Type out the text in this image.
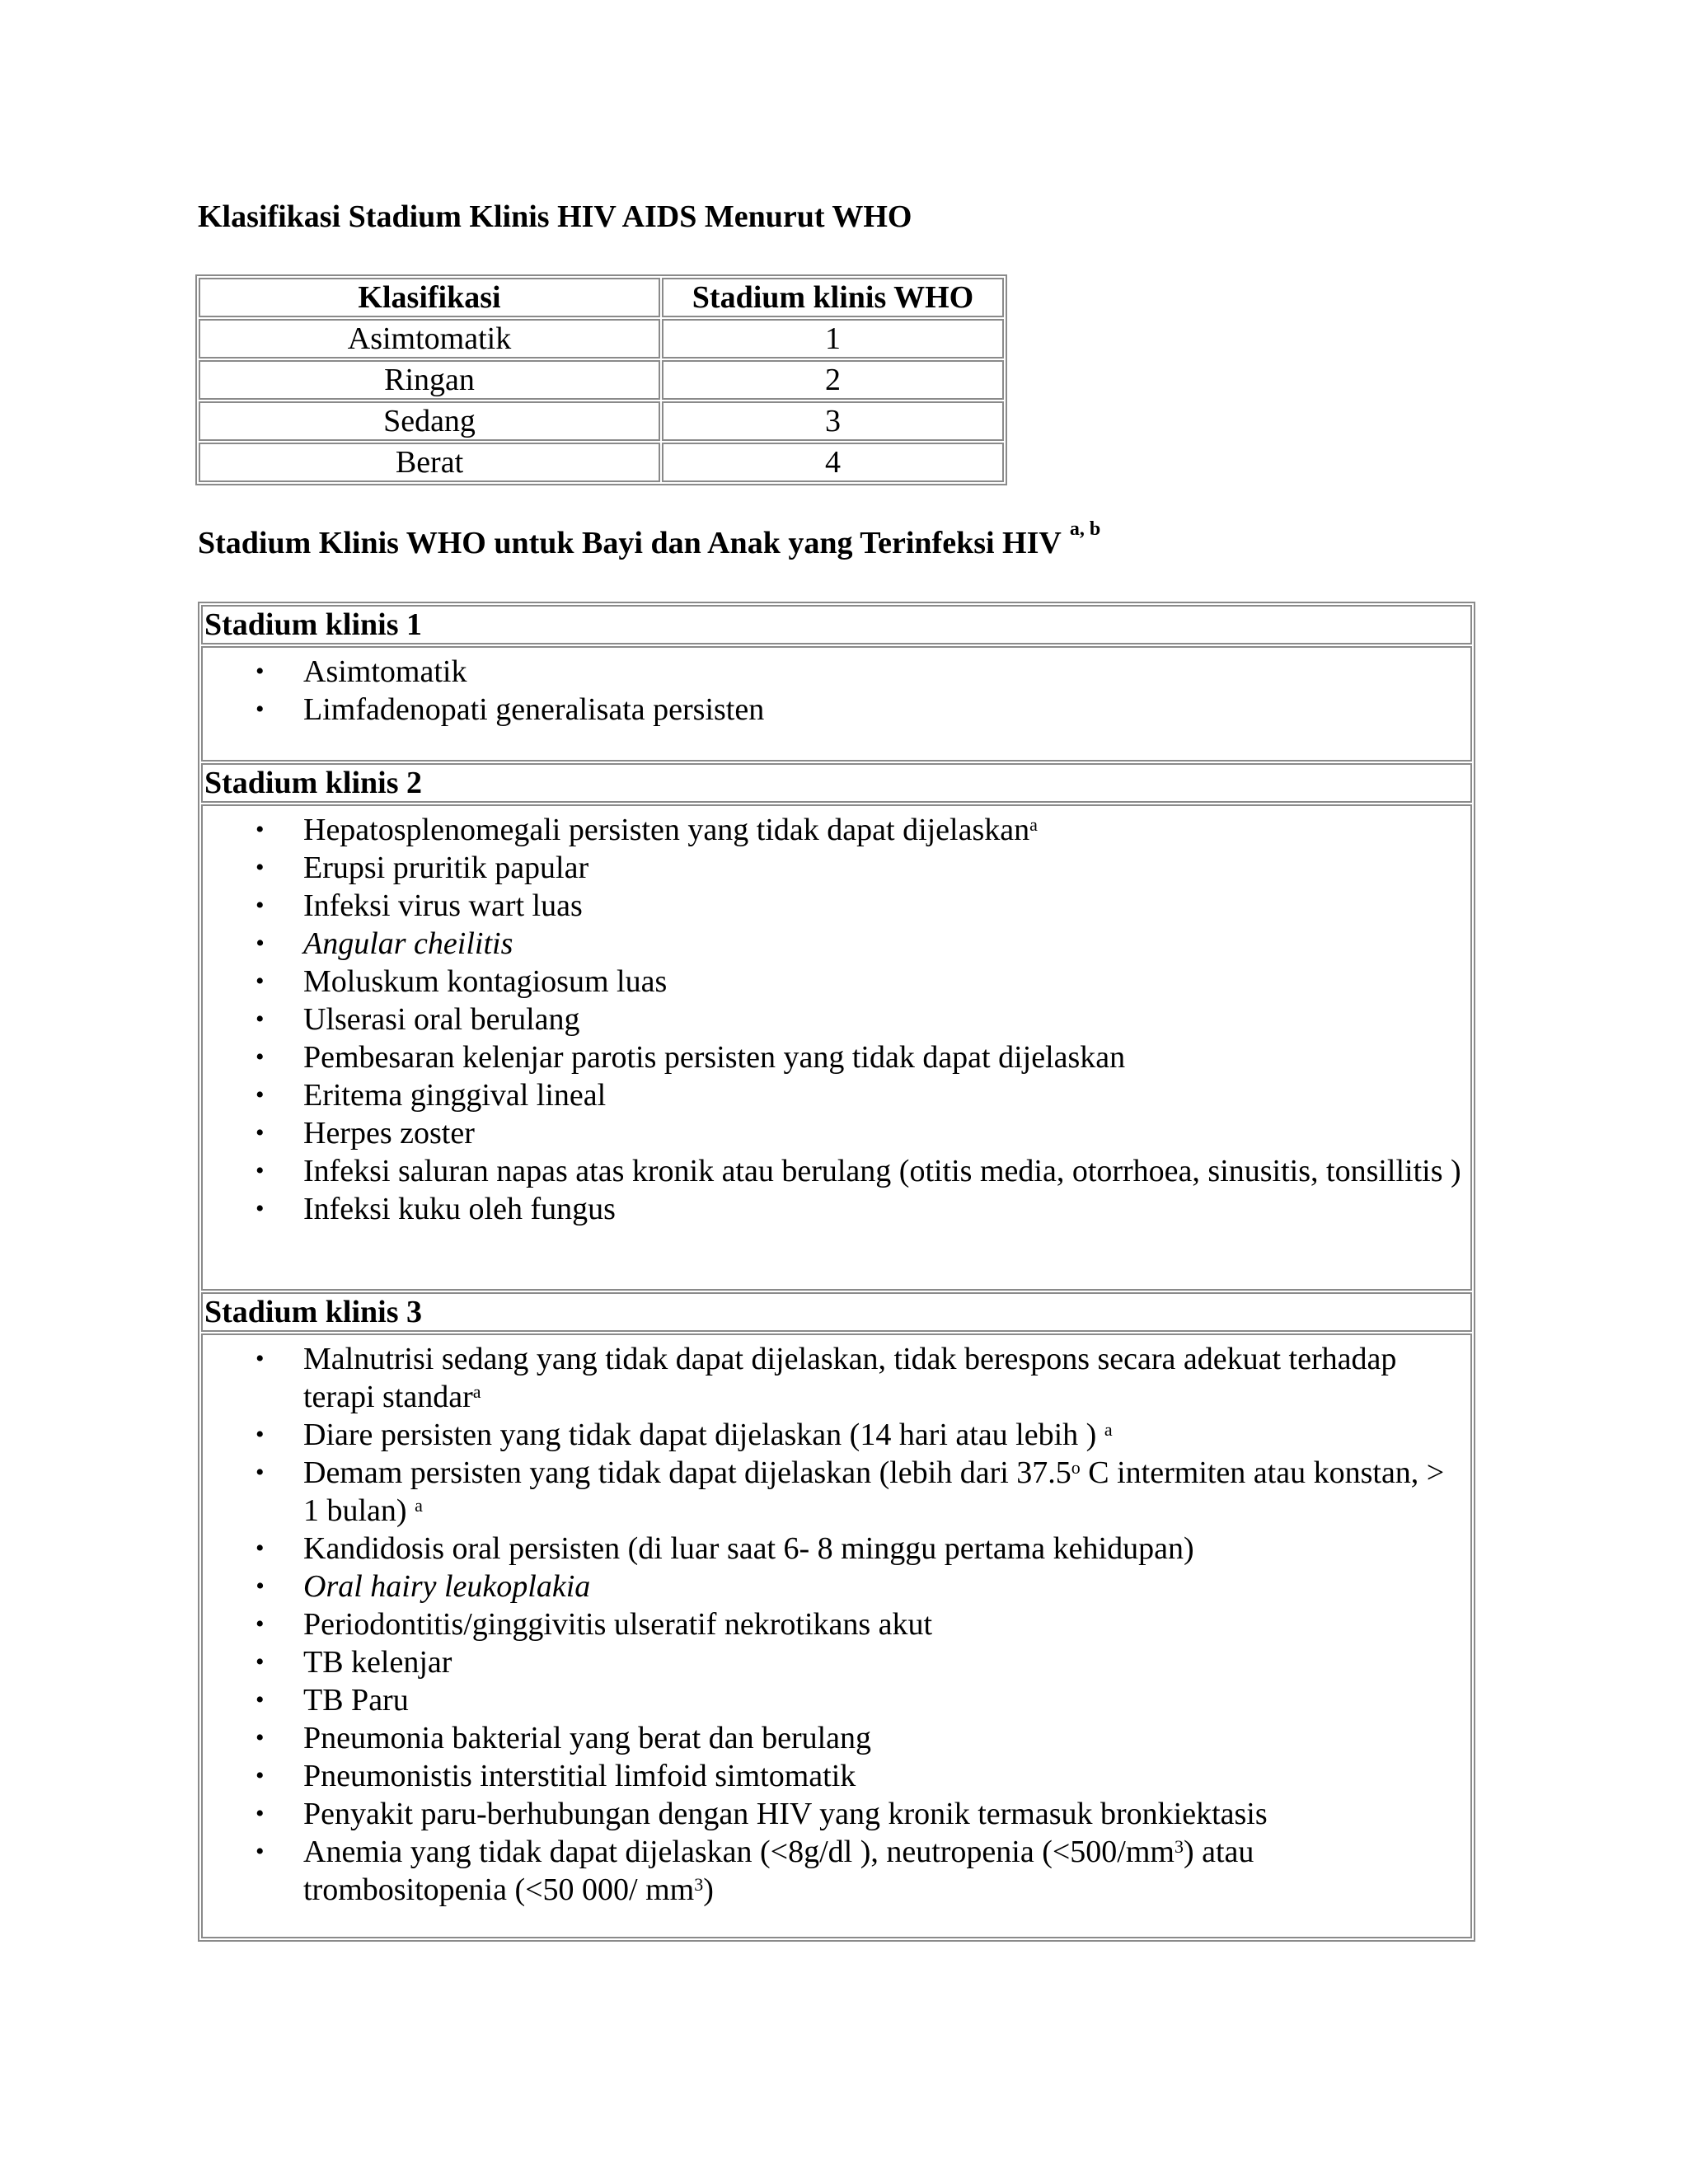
Klasifikasi Stadium Klinis HIV AIDS Menurut WHO
Klasifikasi	Stadium klinis WHO
Asimtomatik	1
Ringan	2
Sedang	3
Berat	4
Stadium Klinis WHO untuk Bayi dan Anak yang Terinfeksi HIV $^{a, b}$
Stadium klinis 1
• Asimtomatik
• Limfadenopati generalisata persisten
Stadium klinis 2
• Hepatosplenomegali persisten yang tidak dapat dijelaskan$^a$
• Erupsi pruritik papular
• Infeksi virus wart luas
• Angular cheilitis
• Moluskum kontagiosum luas
• Ulserasi oral berulang
• Pembesaran kelenjar parotis persisten yang tidak dapat dijelaskan
• Eritema ginggival lineal
• Herpes zoster
• Infeksi saluran napas atas kronik atau berulang (otitis media, otorrhoea, sinusitis, tonsillitis )
• Infeksi kuku oleh fungus
Stadium klinis 3
• Malnutrisi sedang yang tidak dapat dijelaskan, tidak berespons secara adekuat terhadap terapi standar$^a$
• Diare persisten yang tidak dapat dijelaskan (14 hari atau lebih ) $^a$
• Demam persisten yang tidak dapat dijelaskan (lebih dari 37.5$^o$ C intermiten atau konstan, > 1 bulan) $^a$
• Kandidosis oral persisten (di luar saat 6- 8 minggu pertama kehidupan)
• Oral hairy leukoplakia
• Periodontitis/ginggivitis ulseratif nekrotikans akut
• TB kelenjar
• TB Paru
• Pneumonia bakterial yang berat dan berulang
• Pneumonistis interstitial limfoid simtomatik
• Penyakit paru-berhubungan dengan HIV yang kronik termasuk bronkiektasis
• Anemia yang tidak dapat dijelaskan (<8g/dl ), neutropenia $(<500/mm^3)$ atau trombositopenia (<50 000/ $mm^3$)
